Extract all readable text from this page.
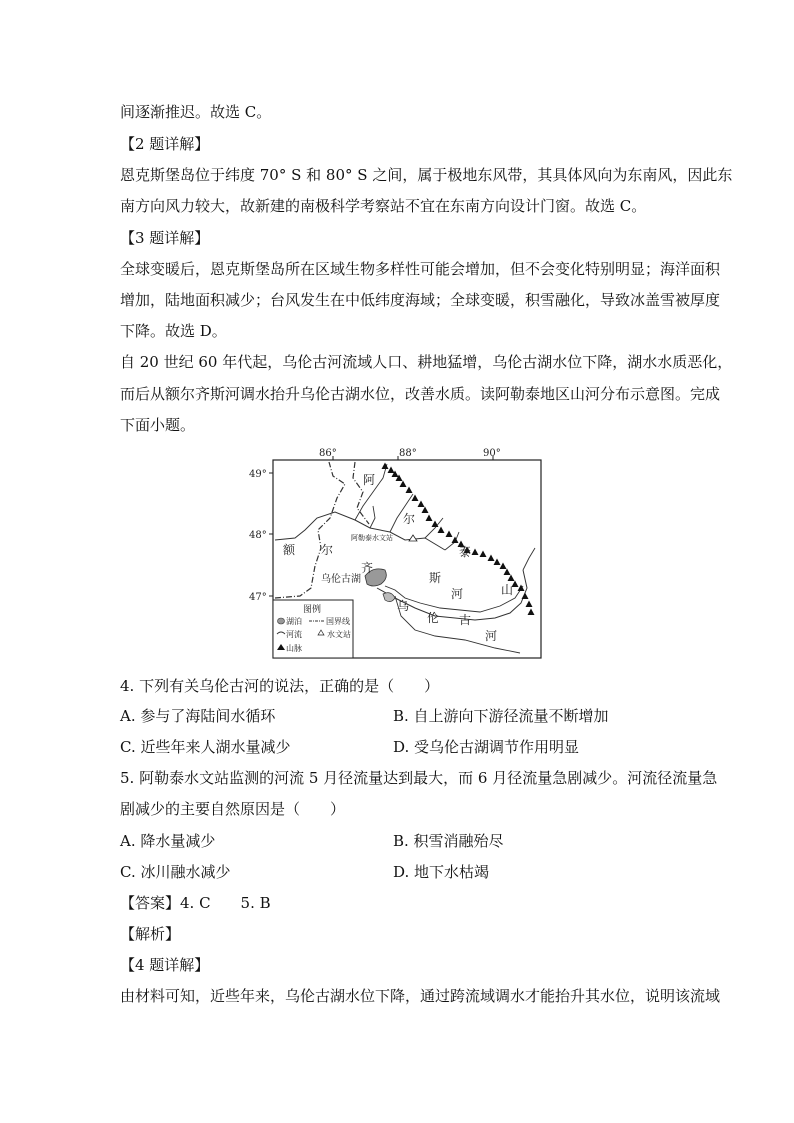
间逐渐推迟。故选 C。
【2 题详解】
恩克斯堡岛位于纬度 70° S 和 80° S 之间，属于极地东风带，其具体风向为东南风，因此东
南方向风力较大，故新建的南极科学考察站不宜在东南方向设计门窗。故选 C。
【3 题详解】
全球变暖后，恩克斯堡岛所在区域生物多样性可能会增加，但不会变化特别明显；海洋面积
增加，陆地面积减少；台风发生在中低纬度海域；全球变暖，积雪融化，导致冰盖雪被厚度
下降。故选 D。
自 20 世纪 60 年代起，乌伦古河流域人口、耕地猛增，乌伦古湖水位下降，湖水水质恶化，
而后从额尔齐斯河调水抬升乌伦古湖水位，改善水质。读阿勒泰地区山河分布示意图。完成
下面小题。
86°	88°	90°
49°
48°
47°
阿勒泰水文站
阿
尔
泰
山
额 尔
齐
斯
河
乌
伦 古
河
乌伦古湖
图例
湖泊	国界线
河流	水文站
山脉
4. 下列有关乌伦古河的说法，正确的是（　　）
A. 参与了海陆间水循环	B. 自上游向下游径流量不断增加
C. 近些年来人湖水量减少	D. 受乌伦古湖调节作用明显
5. 阿勒泰水文站监测的河流 5 月径流量达到最大，而 6 月径流量急剧减少。河流径流量急
剧减少的主要自然原因是（　　）
A. 降水量减少	B. 积雪消融殆尽
C. 冰川融水减少	D. 地下水枯竭
【答案】4. C　　5. B
【解析】
【4 题详解】
由材料可知，近些年来，乌伦古湖水位下降，通过跨流域调水才能抬升其水位，说明该流域
